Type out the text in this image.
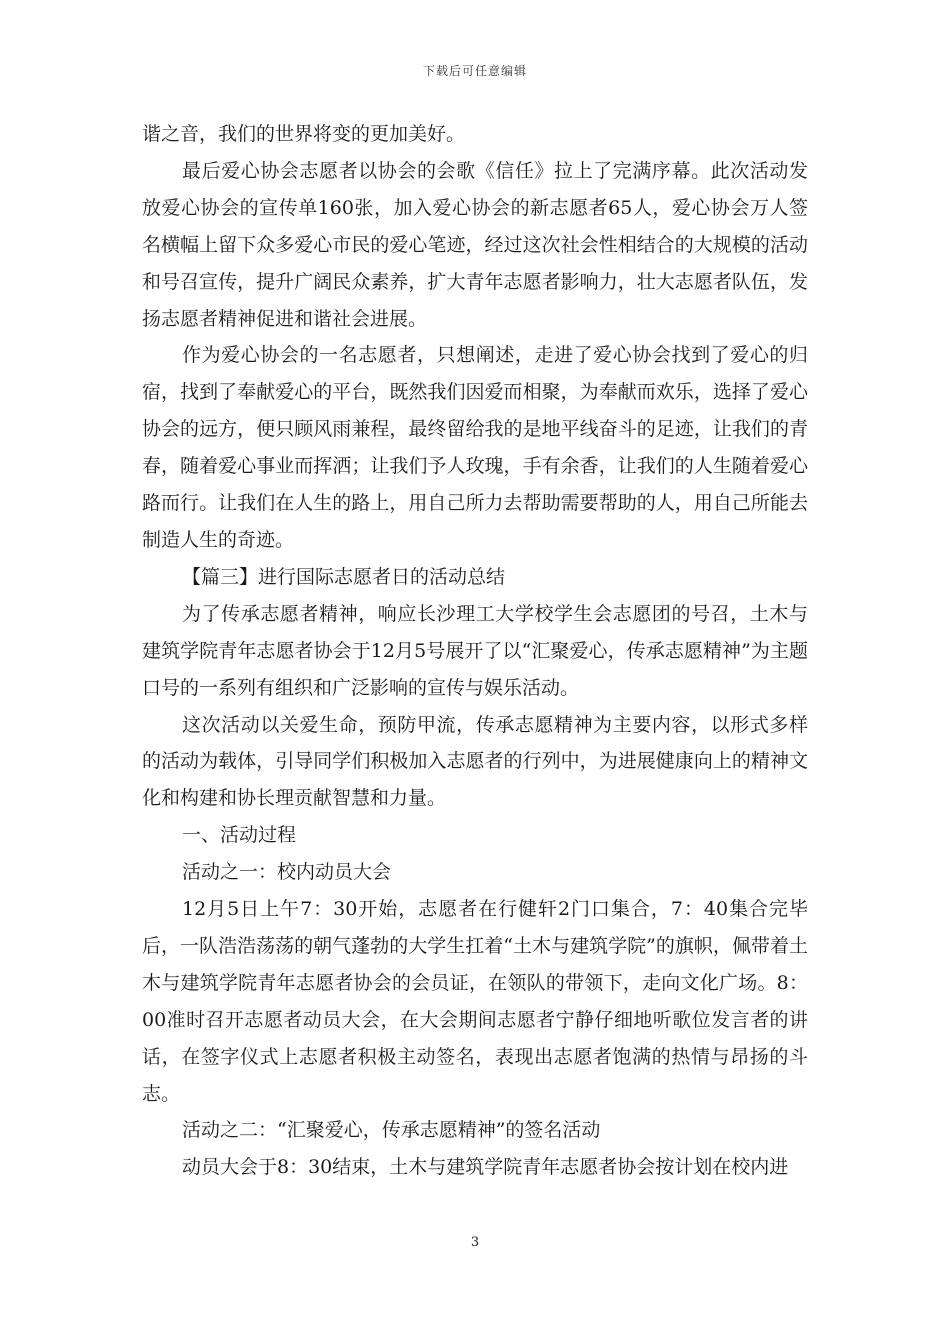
下载后可任意编辑

谐之音，我们的世界将变的更加美好。

最后爱心协会志愿者以协会的会歌《信任》拉上了完满序幕。此次活动发放爱心协会的宣传单160张，加入爱心协会的新志愿者65人，爱心协会万人签名横幅上留下众多爱心市民的爱心笔迹，经过这次社会性相结合的大规模的活动和号召宣传，提升广阔民众素养，扩大青年志愿者影响力，壮大志愿者队伍，发扬志愿者精神促进和谐社会进展。

作为爱心协会的一名志愿者，只想阐述，走进了爱心协会找到了爱心的归宿，找到了奉献爱心的平台，既然我们因爱而相聚，为奉献而欢乐，选择了爱心协会的远方，便只顾风雨兼程，最终留给我的是地平线奋斗的足迹，让我们的青春，随着爱心事业而挥洒；让我们予人玫瑰，手有余香，让我们的人生随着爱心路而行。让我们在人生的路上，用自己所力去帮助需要帮助的人，用自己所能去制造人生的奇迹。

【篇三】进行国际志愿者日的活动总结

为了传承志愿者精神，响应长沙理工大学校学生会志愿团的号召，土木与建筑学院青年志愿者协会于12月5号展开了以“汇聚爱心，传承志愿精神”为主题口号的一系列有组织和广泛影响的宣传与娱乐活动。

这次活动以关爱生命，预防甲流，传承志愿精神为主要内容，以形式多样的活动为载体，引导同学们积极加入志愿者的行列中，为进展健康向上的精神文化和构建和协长理贡献智慧和力量。

一、活动过程

活动之一：校内动员大会

12月5日上午7：30开始，志愿者在行健轩2门口集合，7：40集合完毕后，一队浩浩荡荡的朝气蓬勃的大学生扛着“土木与建筑学院”的旗帜，佩带着土木与建筑学院青年志愿者协会的会员证，在领队的带领下，走向文化广场。8：00准时召开志愿者动员大会，在大会期间志愿者宁静仔细地听歌位发言者的讲话，在签字仪式上志愿者积极主动签名，表现出志愿者饱满的热情与昂扬的斗志。

活动之二：“汇聚爱心，传承志愿精神”的签名活动

动员大会于8：30结束，土木与建筑学院青年志愿者协会按计划在校内进

3
